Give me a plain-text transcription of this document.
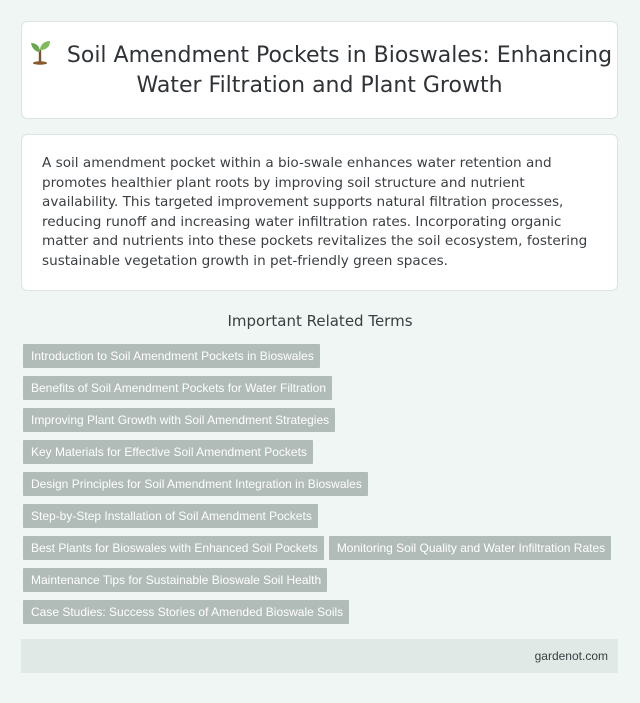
Soil Amendment Pockets in Bioswales: Enhancing Water Filtration and Plant Growth

A soil amendment pocket within a bio-swale enhances water retention and promotes healthier plant roots by improving soil structure and nutrient availability. This targeted improvement supports natural filtration processes, reducing runoff and increasing water infiltration rates. Incorporating organic matter and nutrients into these pockets revitalizes the soil ecosystem, fostering sustainable vegetation growth in pet-friendly green spaces.

Important Related Terms
Introduction to Soil Amendment Pockets in Bioswales
Benefits of Soil Amendment Pockets for Water Filtration
Improving Plant Growth with Soil Amendment Strategies
Key Materials for Effective Soil Amendment Pockets
Design Principles for Soil Amendment Integration in Bioswales
Step-by-Step Installation of Soil Amendment Pockets
Best Plants for Bioswales with Enhanced Soil Pockets Monitoring Soil Quality and Water Infiltration Rates
Maintenance Tips for Sustainable Bioswale Soil Health
Case Studies: Success Stories of Amended Bioswale Soils
gardenot.com
